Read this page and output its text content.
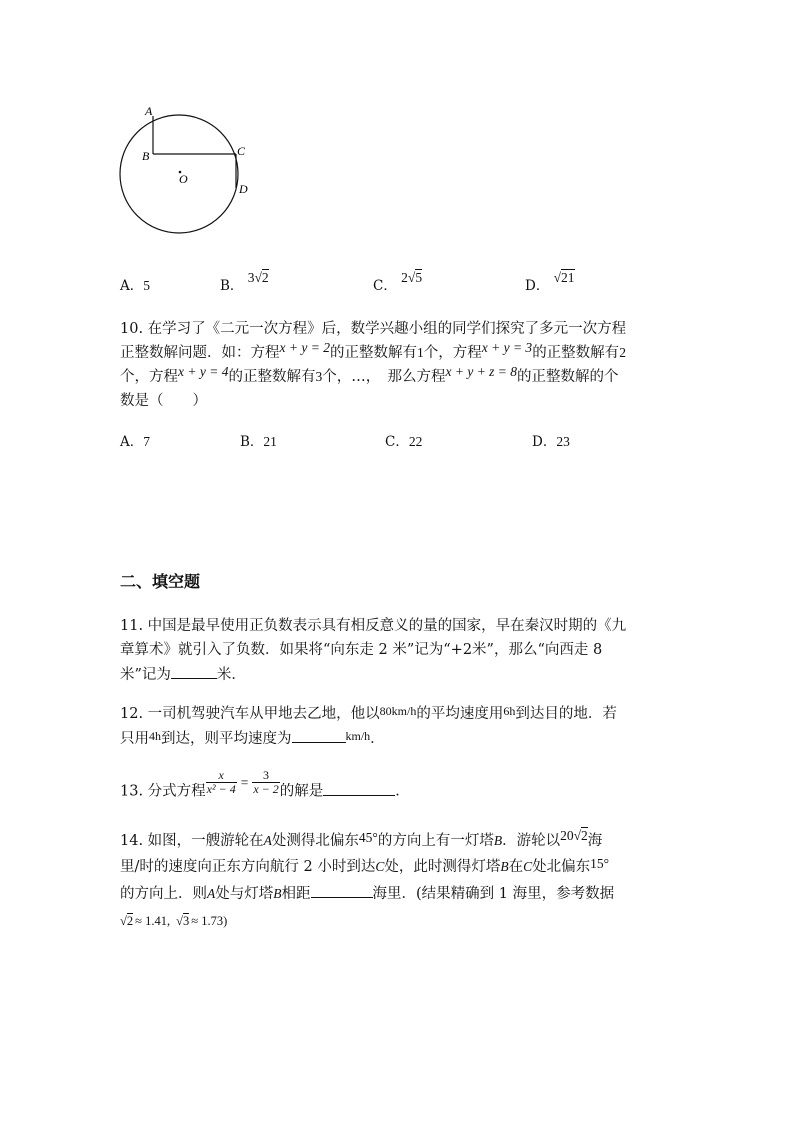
A
B	C
D
O
A．5	B． 3√2
C． 2√5
D． √21
10. 在学习了《二元一次方程》后，数学兴趣小组的同学们探究了多元一次方程
正整数解问题．如：方程x + y = 2的正整数解有1个，方程x + y = 3的正整数解有2
个，方程x + y = 4的正整数解有3个，…，　那么方程x + y + z = 8的正整数解的个
数是（　　）
A．7	B．21	C．22	D．23
二、填空题
11. 中国是最早使用正负数表示具有相反意义的量的国家，早在秦汉时期的《九
章算术》就引入了负数．如果将“向东走 2 米”记为“+2米”，那么“向西走 8
米”记为	米．
12. 一司机驾驶汽车从甲地去乙地，他以$^{80km/h}$的平均速度用$^{6h}$到达目的地．若
只用$^{4h}$到达，则平均速度为	$^{km/h}$．
13. 分式方程 $\frac{x}{\text{x² − 4}} = \frac{3}{x - 2}$ 的解是	．
14. 如图，一艘游轮在A处测得北偏东45°的方向上有一灯塔B．游轮以20√2海
里/时的速度向正东方向航行 2 小时到达C处，此时测得灯塔B在C处北偏东15°
的方向上．则A处与灯塔B相距	海里．(结果精确到 1 海里，参考数据
√2 ≈ 1.41, √3 ≈ 1.73)
